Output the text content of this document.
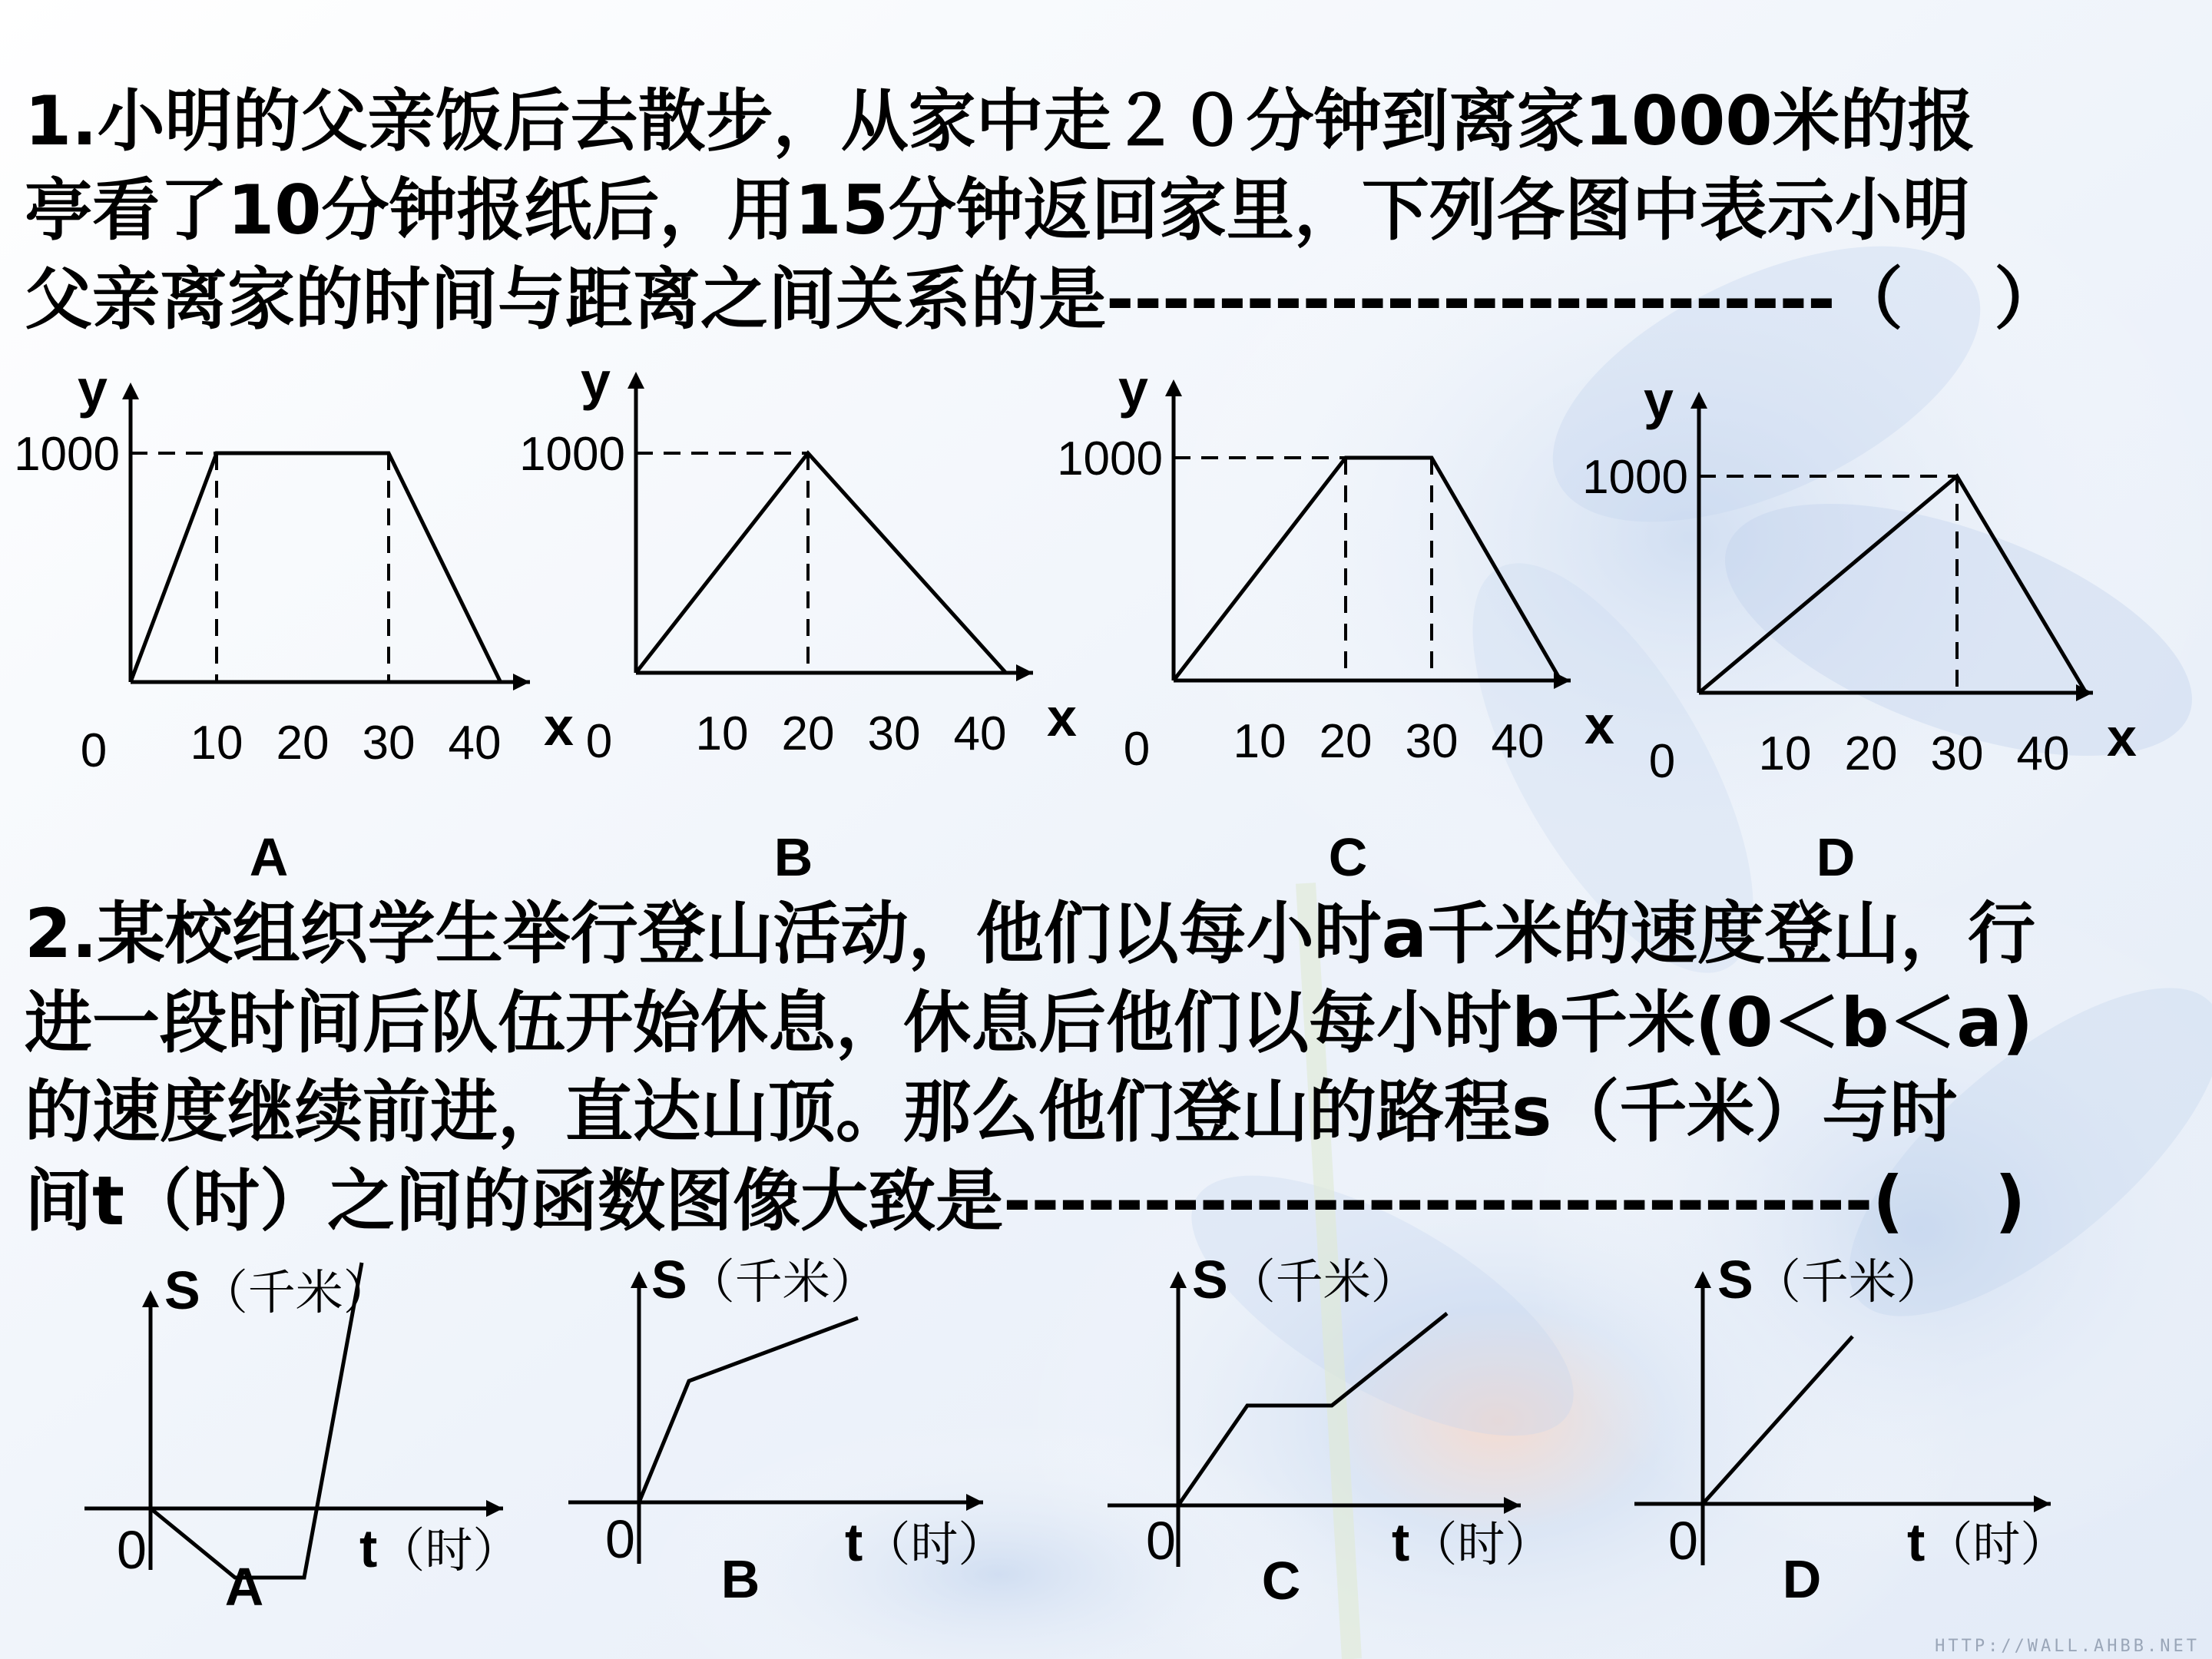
1.小明的父亲饭后去散步，从家中走２０分钟到离家1000米的报
亭看了10分钟报纸后，用15分钟返回家里，下列各图中表示小明
父亲离家的时间与距离之间关系的是--------------------------（　 ）
y
1000
0 10 20 30 40 x
A
y
1000
0 10 20 30 40 x
B
y
1000
0 10 20 30 40 x
C
y
1000
0 10 20 30 40 x
D
2.某校组织学生举行登山活动，他们以每小时a千米的速度登山，行
进一段时间后队伍开始休息，休息后他们以每小时b千米(0＜b＜a)
的速度继续前进，直达山顶。那么他们登山的路程s（千米）与时
间t（时）之间的函数图像大致是-------------------------------(　 )
S（千米）
t（时）
0
A
S（千米）
t（时）
0
B
S（千米）
t（时）
0
C
S（千米）
t（时）
0
D
HTTP://WALL.AHBB.NET
